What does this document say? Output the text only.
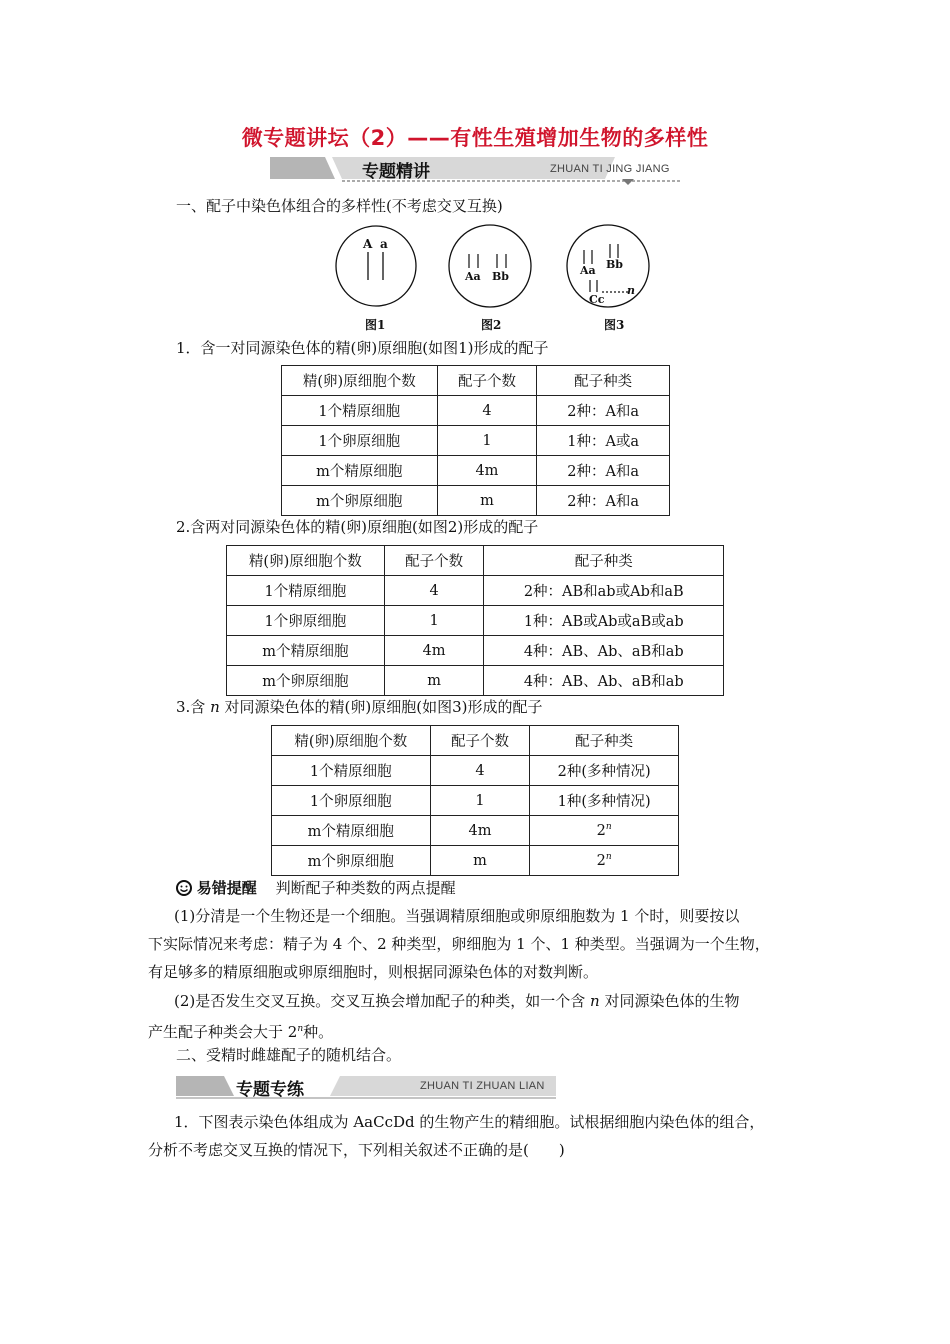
微专题讲坛（2）——有性生殖增加生物的多样性
专题精讲	ZHUAN TI JING JIANG
一、配子中染色体组合的多样性(不考虑交叉互换)
A a
图1
Aa Bb
图2
Aa Bb
Cc
n
图3
1．含一对同源染色体的精(卵)原细胞(如图1)形成的配子
精(卵)原细胞个数	配子个数	配子种类
1个精原细胞	4	2种：A和a
1个卵原细胞	1	1种：A或a
m个精原细胞	4m	2种：A和a
m个卵原细胞	m	2种：A和a
2.含两对同源染色体的精(卵)原细胞(如图2)形成的配子
精(卵)原细胞个数	配子个数	配子种类
1个精原细胞	4	2种：AB和ab或Ab和aB
1个卵原细胞	1	1种：AB或Ab或aB或ab
m个精原细胞	4m	4种：AB、Ab、aB和ab
m个卵原细胞	m	4种：AB、Ab、aB和ab
3.含 n 对同源染色体的精(卵)原细胞(如图3)形成的配子
精(卵)原细胞个数	配子个数	配子种类
1个精原细胞	4	2种(多种情况)
1个卵原细胞	1	1种(多种情况)
m个精原细胞	4m	2$^n$
m个卵原细胞	m	2$^n$
易错提醒 判断配子种类数的两点提醒
(1)分清是一个生物还是一个细胞。当强调精原细胞或卵原细胞数为 1 个时，则要按以
下实际情况来考虑：精子为 4 个、2 种类型，卵细胞为 1 个、1 种类型。当强调为一个生物，
有足够多的精原细胞或卵原细胞时，则根据同源染色体的对数判断。
(2)是否发生交叉互换。交叉互换会增加配子的种类，如一个含 n 对同源染色体的生物
产生配子种类会大于 2$^n$种。
二、受精时雌雄配子的随机结合。
专题专练	ZHUAN TI ZHUAN LIAN
1．下图表示染色体组成为 AaCcDd 的生物产生的精细胞。试根据细胞内染色体的组合，
分析不考虑交叉互换的情况下，下列相关叙述不正确的是(　　)
